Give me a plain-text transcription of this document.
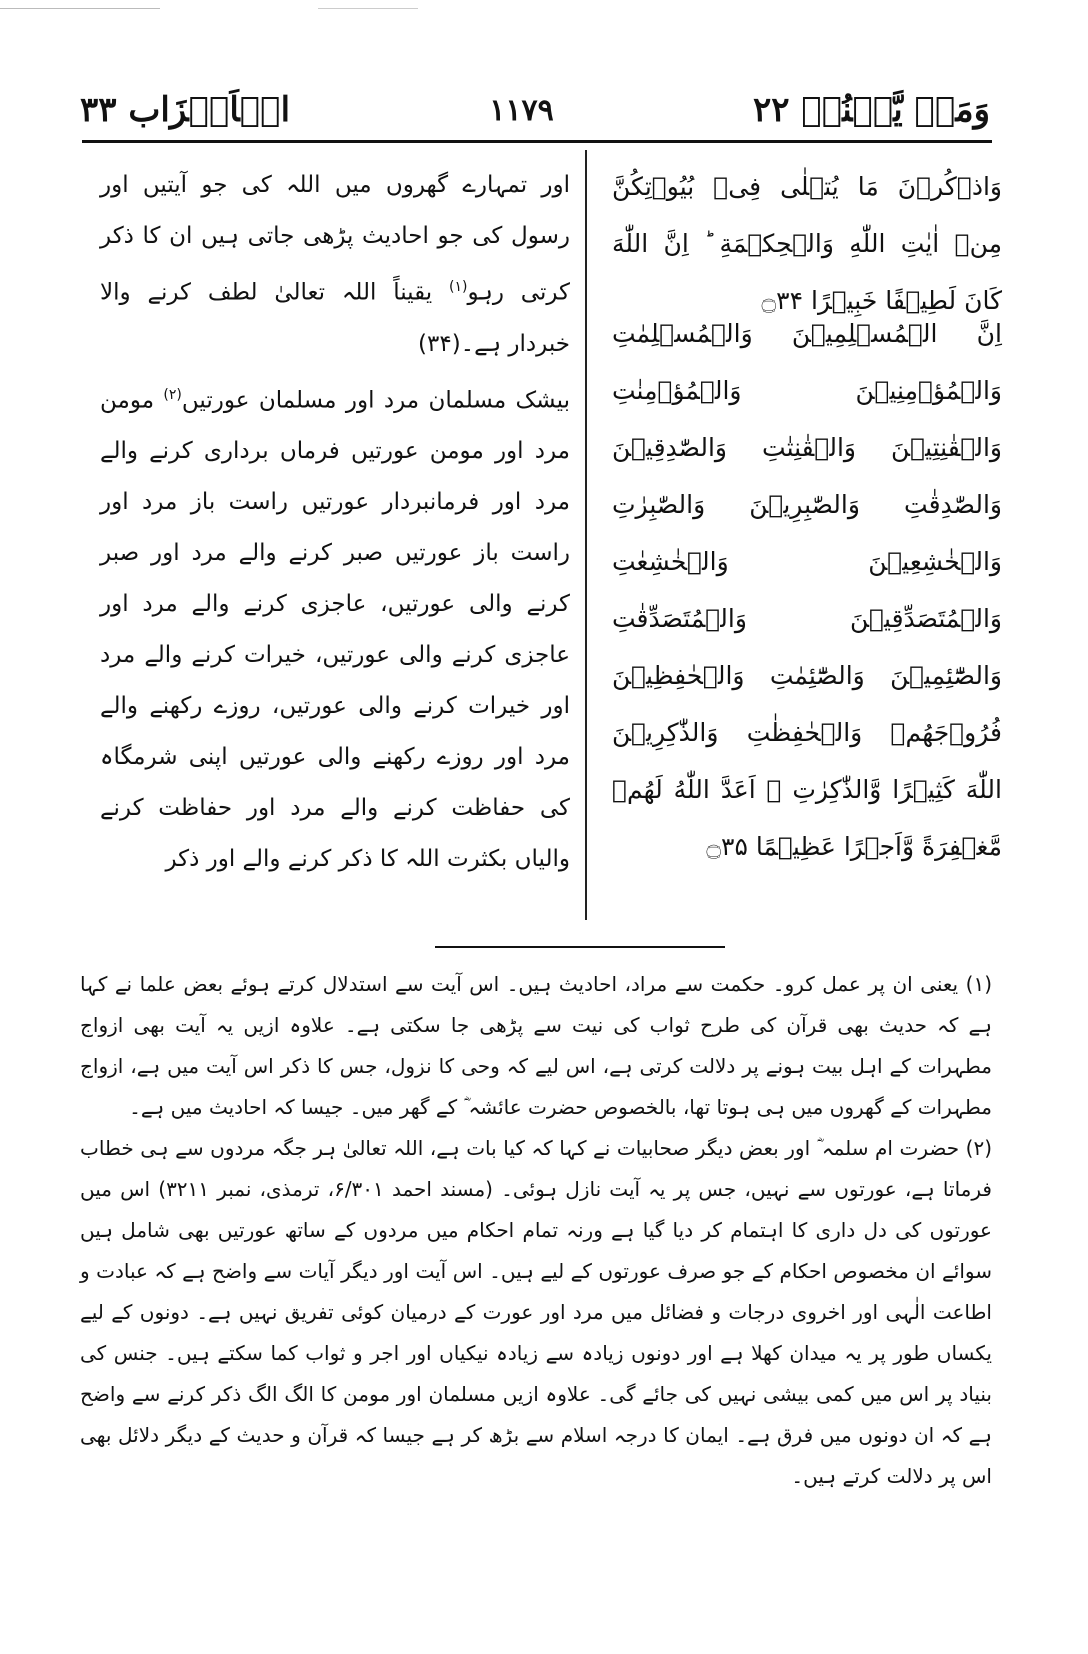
وَمَنۡ یَّقۡنُتۡ ۲۲
۱۱۷۹
الۡاَحۡزَاب ۳۳

وَاذۡكُرۡنَ مَا يُتۡلٰى فِىۡ بُيُوۡتِكُنَّ مِنۡ اٰيٰتِ اللّٰهِ وَالۡحِكۡمَةِ ؕ اِنَّ اللّٰهَ كَانَ لَطِيۡفًا خَبِيۡرًا ۝۳۴

اِنَّ الۡمُسۡلِمِيۡنَ وَالۡمُسۡلِمٰتِ وَالۡمُؤۡمِنِيۡنَ وَالۡمُؤۡمِنٰتِ وَالۡقٰنِتِيۡنَ وَالۡقٰنِتٰتِ وَالصّٰدِقِيۡنَ وَالصّٰدِقٰتِ وَالصّٰبِرِيۡنَ وَالصّٰبِرٰتِ وَالۡخٰشِعِيۡنَ وَالۡخٰشِعٰتِ وَالۡمُتَصَدِّقِيۡنَ وَالۡمُتَصَدِّقٰتِ وَالصّٰٓئِمِيۡنَ وَالصّٰٓئِمٰتِ وَالۡحٰفِظِيۡنَ فُرُوۡجَهُمۡ وَالۡحٰفِظٰتِ وَالذّٰكِرِيۡنَ اللّٰهَ كَثِيۡرًا وَّالذّٰكِرٰتِ ۙ اَعَدَّ اللّٰهُ لَهُمۡ مَّغۡفِرَةً وَّاَجۡرًا عَظِيۡمًا ۝۳۵

اور تمہارے گھروں میں اللہ کی جو آیتیں اور رسول کی جو احادیث پڑھی جاتی ہیں ان کا ذکر کرتی رہو$^{(۱)}$ یقیناً اللہ تعالیٰ لطف کرنے والا خبردار ہے۔(۳۴)

بیشک مسلمان مرد اور مسلمان عورتیں$^{(۲)}$ مومن مرد اور مومن عورتیں فرماں برداری کرنے والے مرد اور فرمانبردار عورتیں راست باز مرد اور راست باز عورتیں صبر کرنے والے مرد اور صبر کرنے والی عورتیں، عاجزی کرنے والے مرد اور عاجزی کرنے والی عورتیں، خیرات کرنے والے مرد اور خیرات کرنے والی عورتیں، روزے رکھنے والے مرد اور روزے رکھنے والی عورتیں اپنی شرمگاہ کی حفاظت کرنے والے مرد اور حفاظت کرنے والیاں بکثرت اللہ کا ذکر کرنے والے اور ذکر

(۱) یعنی ان پر عمل کرو۔ حکمت سے مراد، احادیث ہیں۔ اس آیت سے استدلال کرتے ہوئے بعض علما نے کہا ہے کہ حدیث بھی قرآن کی طرح ثواب کی نیت سے پڑھی جا سکتی ہے۔ علاوہ ازیں یہ آیت بھی ازواج مطہرات کے اہل بیت ہونے پر دلالت کرتی ہے، اس لیے کہ وحی کا نزول، جس کا ذکر اس آیت میں ہے، ازواج مطہرات کے گھروں میں ہی ہوتا تھا، بالخصوص حضرت عائشہ ؓ کے گھر میں۔ جیسا کہ احادیث میں ہے۔

(۲) حضرت ام سلمہ ؓ اور بعض دیگر صحابیات نے کہا کہ کیا بات ہے، اللہ تعالیٰ ہر جگہ مردوں سے ہی خطاب فرماتا ہے، عورتوں سے نہیں، جس پر یہ آیت نازل ہوئی۔ (مسند احمد ۶/۳۰۱، ترمذی، نمبر ۳۲۱۱) اس میں عورتوں کی دل داری کا اہتمام کر دیا گیا ہے ورنہ تمام احکام میں مردوں کے ساتھ عورتیں بھی شامل ہیں سوائے ان مخصوص احکام کے جو صرف عورتوں کے لیے ہیں۔ اس آیت اور دیگر آیات سے واضح ہے کہ عبادت و اطاعت الٰہی اور اخروی درجات و فضائل میں مرد اور عورت کے درمیان کوئی تفریق نہیں ہے۔ دونوں کے لیے یکساں طور پر یہ میدان کھلا ہے اور دونوں زیادہ سے زیادہ نیکیاں اور اجر و ثواب کما سکتے ہیں۔ جنس کی بنیاد پر اس میں کمی بیشی نہیں کی جائے گی۔ علاوہ ازیں مسلمان اور مومن کا الگ الگ ذکر کرنے سے واضح ہے کہ ان دونوں میں فرق ہے۔ ایمان کا درجہ اسلام سے بڑھ کر ہے جیسا کہ قرآن و حدیث کے دیگر دلائل بھی اس پر دلالت کرتے ہیں۔
